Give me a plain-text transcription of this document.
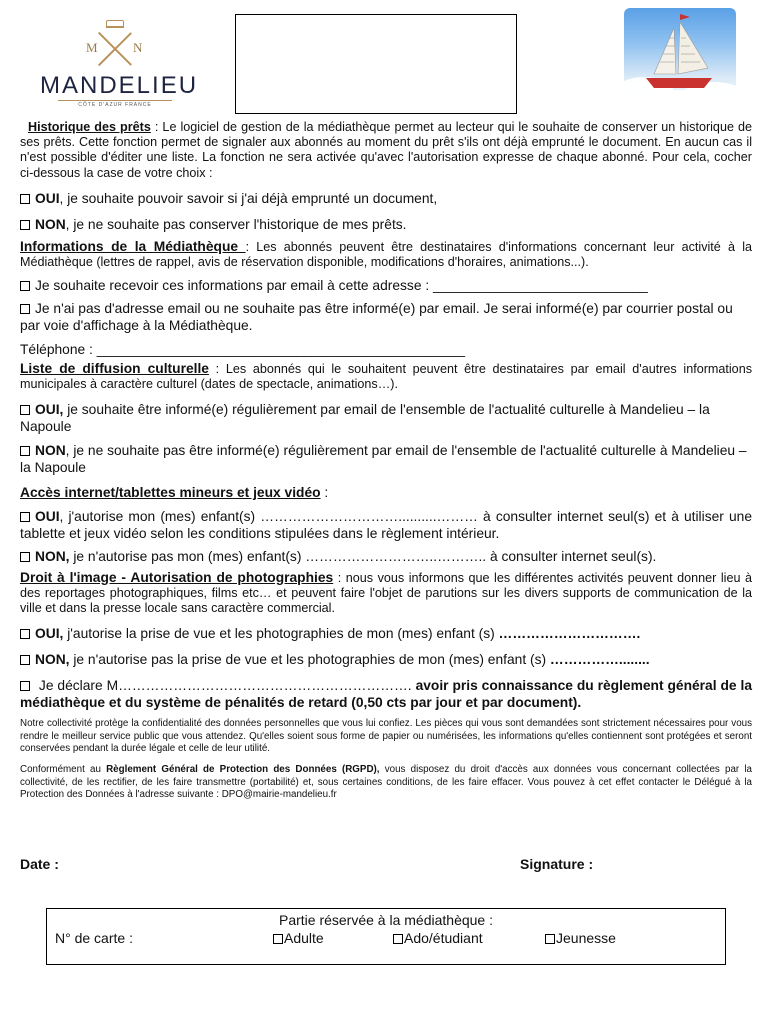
M	N
MANDELIEU
CÔTE D'AZUR FRANCE

Historique des prêts : Le logiciel de gestion de la médiathèque permet au lecteur qui le souhaite de conserver un historique de ses prêts. Cette fonction permet de signaler aux abonnés au moment du prêt s'ils ont déjà emprunté le document. En aucun cas il n'est possible d'éditer une liste. La fonction ne sera activée qu'avec l'autorisation expresse de chaque abonné. Pour cela, cocher ci-dessous la case de votre choix :

OUI, je souhaite pouvoir savoir si j'ai déjà emprunté un document,

NON, je ne souhaite pas conserver l'historique de mes prêts.

Informations de la Médiathèque : Les abonnés peuvent être destinataires d'informations concernant leur activité à la Médiathèque (lettres de rappel, avis de réservation disponible, modifications d'horaires, animations...).

Je souhaite recevoir ces informations par email à cette adresse : ____________________________

Je n'ai pas d'adresse email ou ne souhaite pas être informé(e) par email. Je serai informé(e) par courrier postal ou par voie d'affichage à la Médiathèque.

Téléphone : ________________________________________________

Liste de diffusion culturelle : Les abonnés qui le souhaitent peuvent être destinataires par email d'autres informations municipales à caractère culturel (dates de spectacle, animations…).

OUI, je souhaite être informé(e) régulièrement par email de l'ensemble de l'actualité culturelle à Mandelieu – la Napoule

NON, je ne souhaite pas être informé(e) régulièrement par email de l'ensemble de l'actualité culturelle à Mandelieu – la Napoule

Accès internet/tablettes mineurs et jeux vidéo :

OUI, j'autorise mon (mes) enfant(s) …………………………..........……… à consulter internet seul(s) et à utiliser une tablette et jeux vidéo selon les conditions stipulées dans le règlement intérieur.

NON, je n'autorise pas mon (mes) enfant(s) ………………………..……….. à consulter internet seul(s).

Droit à l'image - Autorisation de photographies : nous vous informons que les différentes activités peuvent donner lieu à des reportages photographiques, films etc… et peuvent faire l'objet de parutions sur les divers supports de communication de la ville et dans la presse locale sans caractère commercial.

OUI, j'autorise la prise de vue et les photographies de mon (mes) enfant (s) ………………………….

NON, je n'autorise pas la prise de vue et les photographies de mon (mes) enfant (s) ……………........

Je déclare M………………………………………………………. avoir pris connaissance du règlement général de la médiathèque et du système de pénalités de retard (0,50 cts par jour et par document).

Notre collectivité protège la confidentialité des données personnelles que vous lui confiez. Les pièces qui vous sont demandées sont strictement nécessaires pour vous rendre le meilleur service public que vous attendez. Qu'elles soient sous forme de papier ou numérisées, les informations qu'elles contiennent sont protégées et seront conservées pendant la durée légale et celle de leur utilité.

Conformément au Règlement Général de Protection des Données (RGPD), vous disposez du droit d'accès aux données vous concernant collectées par la collectivité, de les rectifier, de les faire transmettre (portabilité) et, sous certaines conditions, de les faire effacer. Vous pouvez à cet effet contacter le Délégué à la Protection des Données à l'adresse suivante : DPO@mairie-mandelieu.fr

Date :	Signature :
Partie réservée à la médiathèque :
N° de carte :	Adulte	Ado/étudiant	Jeunesse
